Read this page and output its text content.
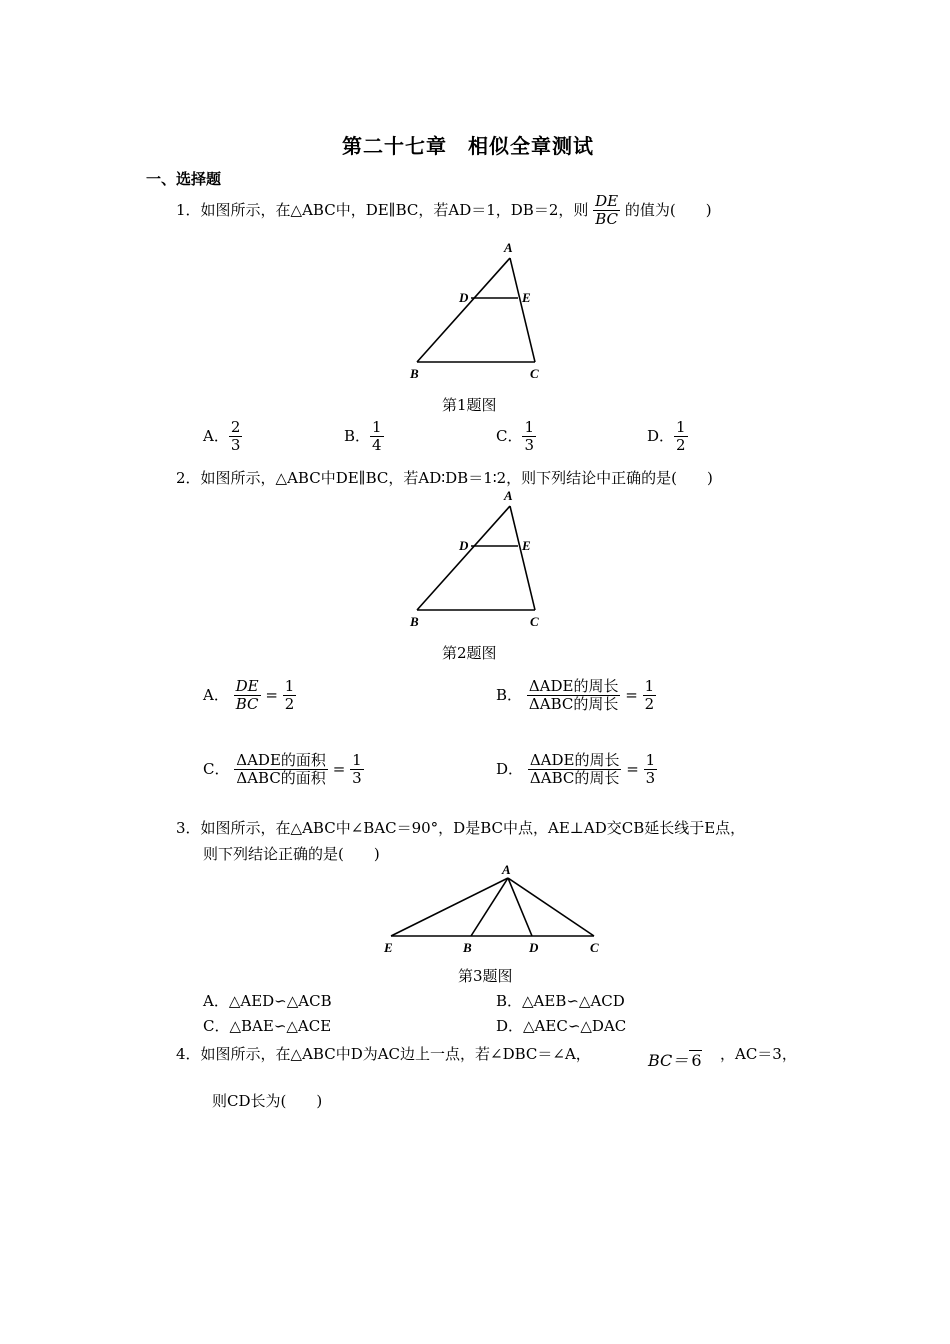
第二十七章　相似全章测试
一、选择题
1．如图所示，在△ABC中，DE∥BC，若AD＝1，DB＝2，则 $\frac{DE}{BC}$ 的值为(　　)
A
D	E
B	C
第1题图
A． $\frac{2}{3}$	B． $\frac{1}{4}$	C． $\frac{1}{3}$	D． $\frac{1}{2}$
2．如图所示，△ABC中DE∥BC，若AD∶DB＝1∶2，则下列结论中正确的是(　　)
A
D	E
B	C
第2题图
A． $\frac{DE}{BC} = \frac{1}{2}$	B． $\frac{\text{ΔADE的周长}}{\text{ΔABC的周长}} = \frac{1}{2}$
C． $\frac{\text{ΔADE的面积}}{\text{ΔABC的面积}} = \frac{1}{3}$	D． $\frac{\text{ΔADE的周长}}{\text{ΔABC的周长}} = \frac{1}{3}$
3．如图所示，在△ABC中∠BAC＝90°，D是BC中点，AE⊥AD交CB延长线于E点，
则下列结论正确的是(　　)
A
E	B	D	C
第3题图
A．△AED∽△ACB	B．△AEB∽△ACD
C．△BAE∽△ACE	D．△AEC∽△DAC
4．如图所示，在△ABC中D为AC边上一点，若∠DBC＝∠A，	BC＝ 6 ，AC＝3，
则CD长为(　　)
